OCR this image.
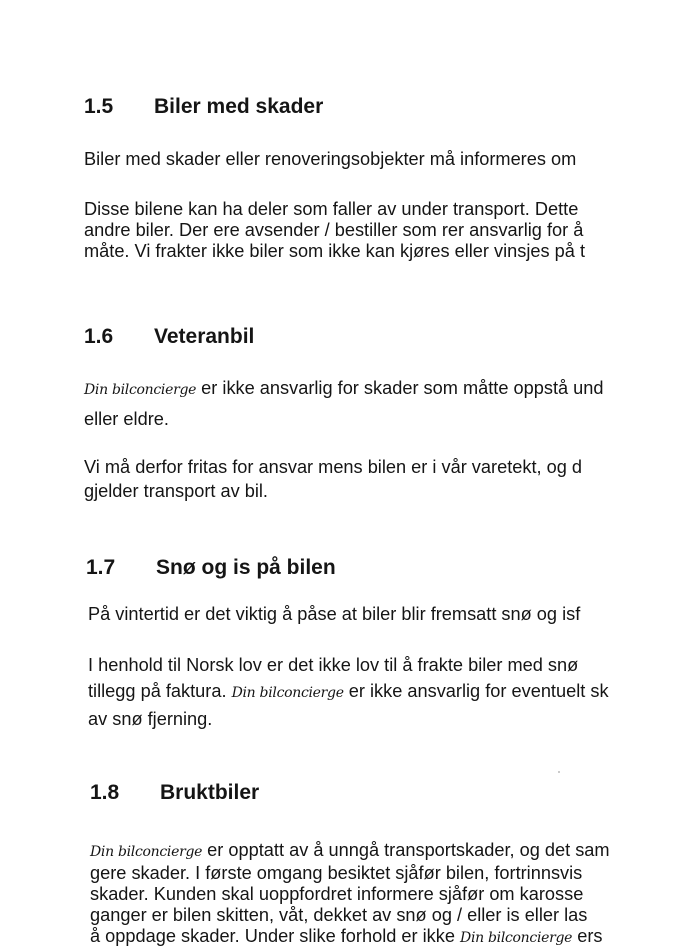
1.5 Biler med skader
Biler med skader eller renoveringsobjekter må informeres om
Disse bilene kan ha deler som faller av under transport. Dette
andre biler. Der ere avsender / bestiller som rer ansvarlig for å
måte. Vi frakter ikke biler som ikke kan kjøres eller vinsjes på t
1.6 Veteranbil
Din bilconcierge er ikke ansvarlig for skader som måtte oppstå und
eller eldre.
Vi må derfor fritas for ansvar mens bilen er i vår varetekt, og d
gjelder transport av bil.
1.7 Snø og is på bilen
På vintertid er det viktig å påse at biler blir fremsatt snø og isf
I henhold til Norsk lov er det ikke lov til å frakte biler med snø
tillegg på faktura. Din bilconcierge er ikke ansvarlig for eventuelt sk
av snø fjerning.
1.8 Bruktbiler
Din bilconcierge er opptatt av å unngå transportskader, og det sam
gere skader. I første omgang besiktet sjåfør bilen, fortrinnsvis
skader. Kunden skal uoppfordret informere sjåfør om karosse
ganger er bilen skitten, våt, dekket av snø og / eller is eller las
å oppdage skader. Under slike forhold er ikke Din bilconcierge ers
